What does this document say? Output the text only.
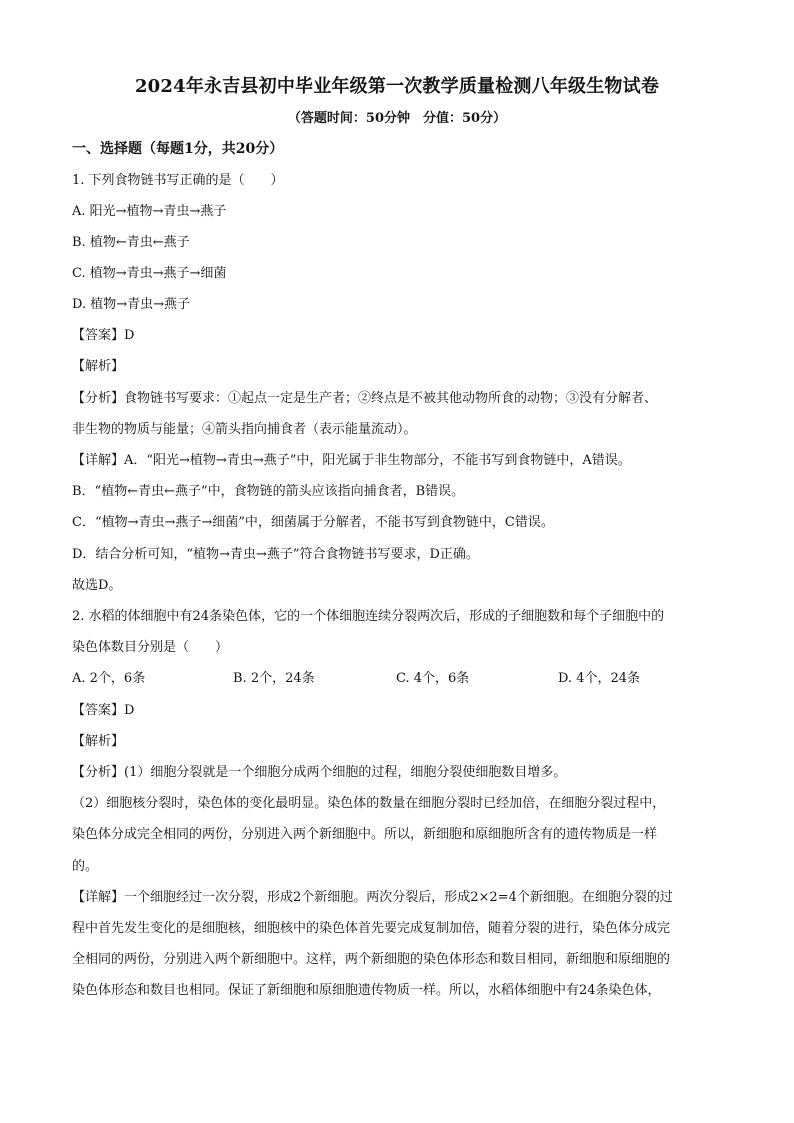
2024年永吉县初中毕业年级第一次教学质量检测八年级生物试卷
（答题时间：50分钟　分值：50分）
一、选择题（每题1分，共20分）
1. 下列食物链书写正确的是（　　）
A. 阳光→植物→青虫→燕子
B. 植物←青虫←燕子
C. 植物→青虫→燕子→细菌
D. 植物→青虫→燕子
【答案】D
【解析】
【分析】食物链书写要求：①起点一定是生产者；②终点是不被其他动物所食的动物；③没有分解者、
非生物的物质与能量；④箭头指向捕食者（表示能量流动）。
【详解】A．“阳光→植物→青虫→燕子”中，阳光属于非生物部分，不能书写到食物链中，A错误。
B．“植物←青虫←燕子”中，食物链的箭头应该指向捕食者，B错误。
C．“植物→青虫→燕子→细菌”中，细菌属于分解者，不能书写到食物链中，C错误。
D．结合分析可知，“植物→青虫→燕子”符合食物链书写要求，D正确。
故选D。
2. 水稻的体细胞中有24条染色体，它的一个体细胞连续分裂两次后，形成的子细胞数和每个子细胞中的
染色体数目分别是（　　）
A. 2个，6条	B. 2个，24条	C. 4个，6条	D. 4个，24条
【答案】D
【解析】
【分析】(1）细胞分裂就是一个细胞分成两个细胞的过程，细胞分裂使细胞数目增多。
（2）细胞核分裂时，染色体的变化最明显。染色体的数量在细胞分裂时已经加倍，在细胞分裂过程中，
染色体分成完全相同的两份，分别进入两个新细胞中。所以，新细胞和原细胞所含有的遗传物质是一样
的。
【详解】一个细胞经过一次分裂，形成2个新细胞。两次分裂后，形成2×2=4个新细胞。在细胞分裂的过
程中首先发生变化的是细胞核，细胞核中的染色体首先要完成复制加倍，随着分裂的进行，染色体分成完
全相同的两份，分别进入两个新细胞中。这样，两个新细胞的染色体形态和数目相同，新细胞和原细胞的
染色体形态和数目也相同。保证了新细胞和原细胞遗传物质一样。所以，水稻体细胞中有24条染色体，
